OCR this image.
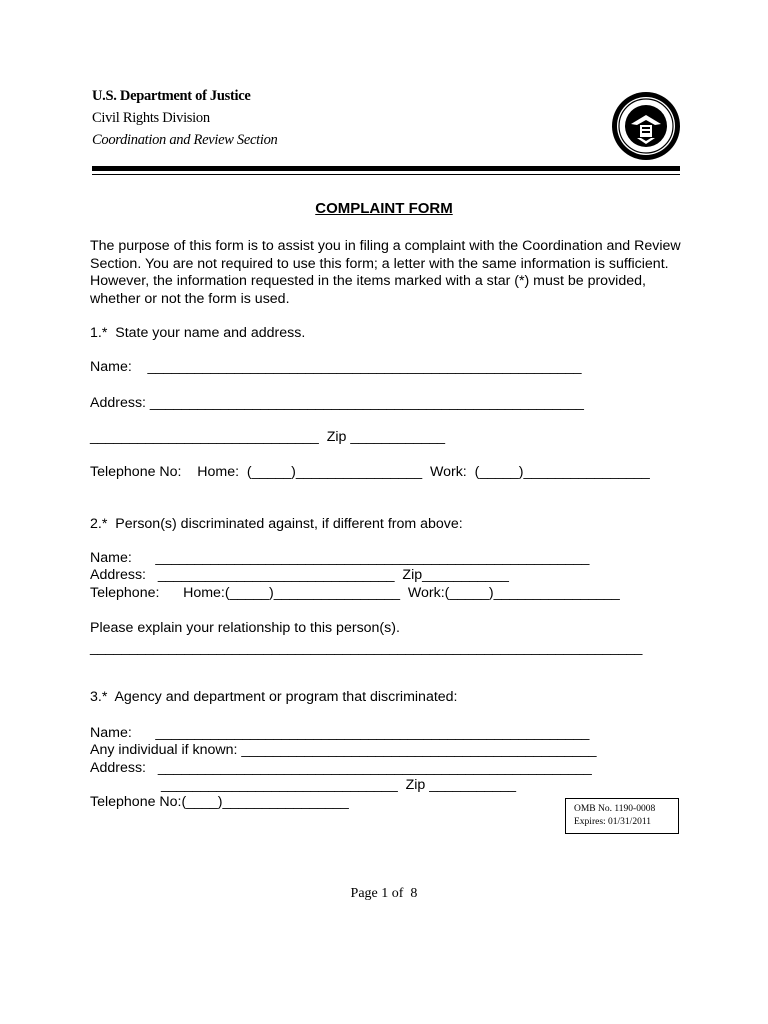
U.S. Department of Justice
Civil Rights Division
Coordination and Review Section
COMPLAINT FORM
The purpose of this form is to assist you in filing a complaint with the Coordination and Review Section. You are not required to use this form; a letter with the same information is sufficient. However, the information requested in the items marked with a star (*) must be provided, whether or not the form is used.
1.*  State your name and address.
Name:    _______________________________________________________
Address: _______________________________________________________
_____________________________  Zip ____________
Telephone No:    Home:  (_____)________________  Work:  (_____)________________
2.*  Person(s) discriminated against, if different from above:
Name:      _______________________________________________________
Address:   ______________________________  Zip___________
Telephone:      Home:(_____)________________  Work:(_____)________________
Please explain your relationship to this person(s).
______________________________________________________________________
3.*  Agency and department or program that discriminated:
Name:      _______________________________________________________
Any individual if known: _____________________________________________
Address:   _______________________________________________________
______________________________  Zip ___________
Telephone No:(____)________________	OMB No. 1190-0008
Expires: 01/31/2011
Page 1 of  8
